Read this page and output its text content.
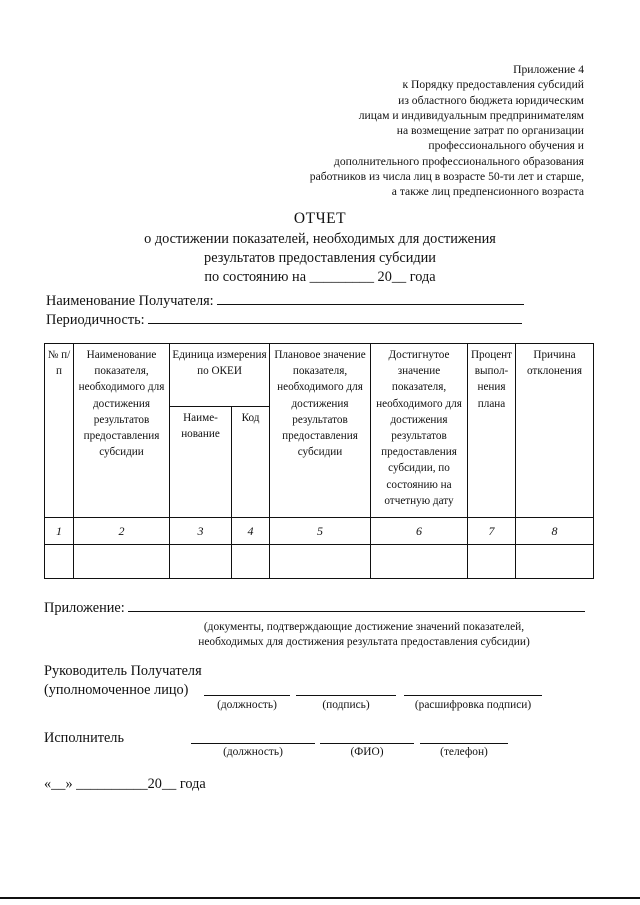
Приложение 4
к Порядку предоставления субсидий
из областного бюджета юридическим
лицам и индивидуальным предпринимателям
на возмещение затрат по организации
профессионального обучения и
дополнительного профессионального образования
работников из числа лиц в возрасте 50-ти лет и старше,
а также лиц предпенсионного возраста
ОТЧЕТ
о достижении показателей, необходимых для достижения
результатов предоставления субсидии
по состоянию на _________ 20__ года
Наименование Получателя:
Периодичность:
№ п/п	Наименование показателя, необходимого для достижения результатов предоставления субсидии	Единица измерения по ОКЕИ		Плановое значение показателя, необходимого для достижения результатов предоставления субсидии	Достигнутое значение показателя, необходимого для достижения результатов предоставления субсидии, по состоянию на отчетную дату	Процент выпол-нения плана	Причина отклонения
		Наиме-нование	Код				
1	2	3	4	5	6	7	8

Приложение:
(документы, подтверждающие достижение значений показателей,
необходимых для достижения результата предоставления субсидии)
Руководитель Получателя
(уполномоченное лицо)
(должность)	(подпись)	(расшифровка подписи)
Исполнитель
(должность)	(ФИО)	(телефон)
«__» __________20__ года
